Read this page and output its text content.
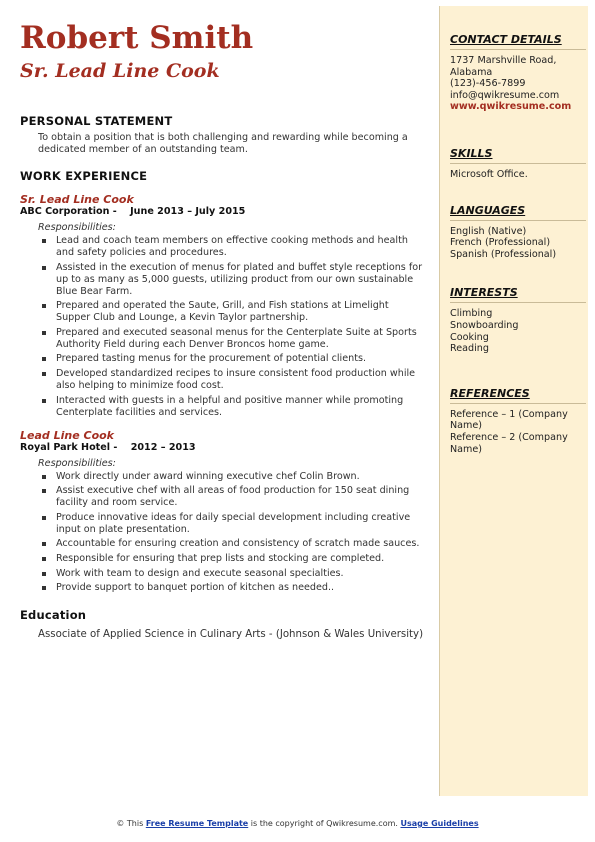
Robert Smith
Sr. Lead Line Cook
PERSONAL STATEMENT
To obtain a position that is both challenging and rewarding while becoming a dedicated member of an outstanding team.
WORK EXPERIENCE
Sr. Lead Line Cook
ABC Corporation - June 2013 – July 2015
Responsibilities:
Lead and coach team members on effective cooking methods and health and safety policies and procedures.
Assisted in the execution of menus for plated and buffet style receptions for up to as many as 5,000 guests, utilizing product from our own sustainable Blue Bear Farm.
Prepared and operated the Saute, Grill, and Fish stations at Limelight Supper Club and Lounge, a Kevin Taylor partnership.
Prepared and executed seasonal menus for the Centerplate Suite at Sports Authority Field during each Denver Broncos home game.
Prepared tasting menus for the procurement of potential clients.
Developed standardized recipes to insure consistent food production while also helping to minimize food cost.
Interacted with guests in a helpful and positive manner while promoting Centerplate facilities and services.
Lead Line Cook
Royal Park Hotel - 2012 – 2013
Responsibilities:
Work directly under award winning executive chef Colin Brown.
Assist executive chef with all areas of food production for 150 seat dining facility and room service.
Produce innovative ideas for daily special development including creative input on plate presentation.
Accountable for ensuring creation and consistency of scratch made sauces.
Responsible for ensuring that prep lists and stocking are completed.
Work with team to design and execute seasonal specialties.
Provide support to banquet portion of kitchen as needed..
Education
Associate of Applied Science in Culinary Arts - (Johnson & Wales University)
CONTACT DETAILS
1737 Marshville Road, Alabama
(123)-456-7899
info@qwikresume.com
www.qwikresume.com
SKILLS
Microsoft Office.
LANGUAGES
English (Native)
French (Professional)
Spanish (Professional)
INTERESTS
Climbing
Snowboarding
Cooking
Reading
REFERENCES
Reference – 1 (Company Name)
Reference – 2 (Company Name)
© This Free Resume Template is the copyright of Qwikresume.com. Usage Guidelines
